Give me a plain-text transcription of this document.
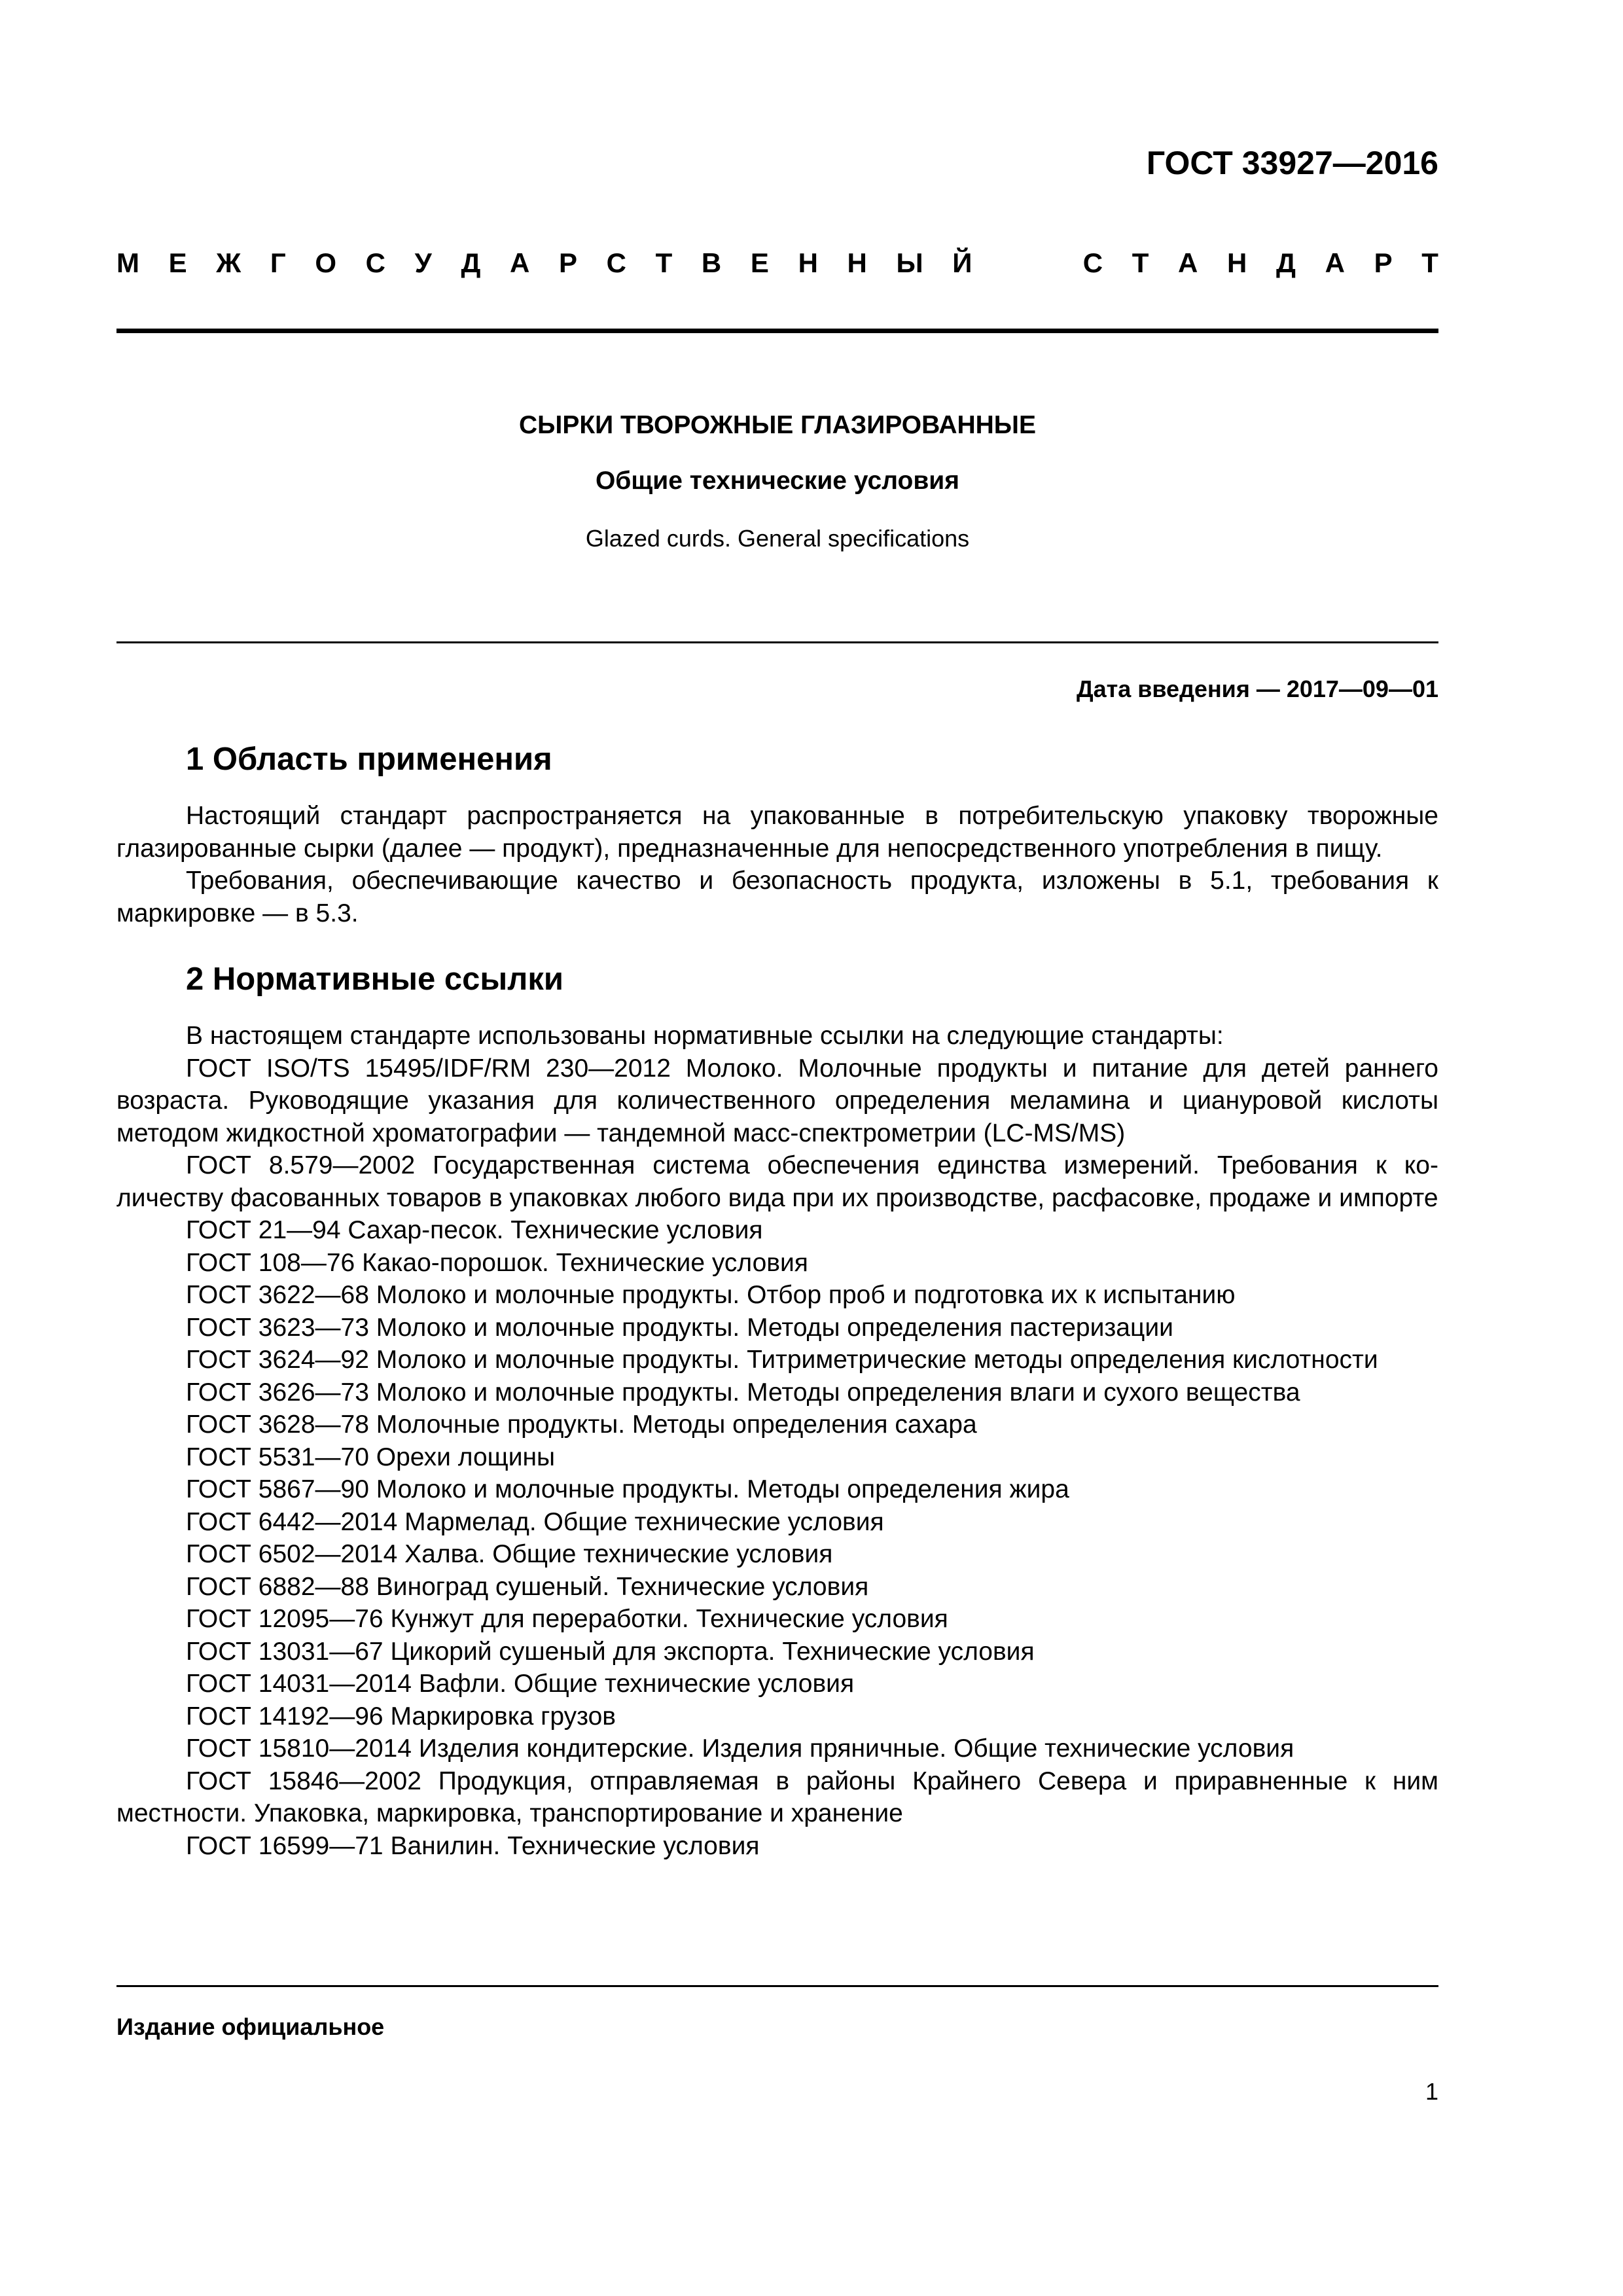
ГОСТ 33927—2016
М Е Ж Г О С У Д А Р С Т В Е Н Н Ы Й	С Т А Н Д А Р Т
СЫРКИ ТВОРОЖНЫЕ ГЛАЗИРОВАННЫЕ
Общие технические условия
Glazed curds. General specifications
Дата введения — 2017—09—01
1 Область применения

Настоящий стандарт распространяется на упакованные в потребительскую упаковку творожные глазированные сырки (далее — продукт), предназначенные для непосредственного употребления в пищу.

Требования, обеспечивающие качество и безопасность продукта, изложены в 5.1, требования к маркировке — в 5.3.

2 Нормативные ссылки

В настоящем стандарте использованы нормативные ссылки на следующие стандарты:

ГОСТ ISO/TS 15495/IDF/RM 230—2012 Молоко. Молочные продукты и питание для детей раннего возраста. Руководящие указания для количественного определения меламина и циануровой кислоты методом жидкостной хроматографии — тандемной масс-спектрометрии (LC-MS/MS)
ГОСТ 8.579—2002 Государственная система обеспечения единства измерений. Требования к количеству фасованных товаров в упаковках любого вида при их производстве, расфасовке, продаже и импорте
ГОСТ 21—94 Сахар-песок. Технические условия
ГОСТ 108—76 Какао-порошок. Технические условия
ГОСТ 3622—68 Молоко и молочные продукты. Отбор проб и подготовка их к испытанию
ГОСТ 3623—73 Молоко и молочные продукты. Методы определения пастеризации
ГОСТ 3624—92 Молоко и молочные продукты. Титриметрические методы определения кислотности
ГОСТ 3626—73 Молоко и молочные продукты. Методы определения влаги и сухого вещества
ГОСТ 3628—78 Молочные продукты. Методы определения сахара
ГОСТ 5531—70 Орехи лощины
ГОСТ 5867—90 Молоко и молочные продукты. Методы определения жира
ГОСТ 6442—2014 Мармелад. Общие технические условия
ГОСТ 6502—2014 Халва. Общие технические условия
ГОСТ 6882—88 Виноград сушеный. Технические условия
ГОСТ 12095—76 Кунжут для переработки. Технические условия
ГОСТ 13031—67 Цикорий сушеный для экспорта. Технические условия
ГОСТ 14031—2014 Вафли. Общие технические условия
ГОСТ 14192—96 Маркировка грузов
ГОСТ 15810—2014 Изделия кондитерские. Изделия пряничные. Общие технические условия
ГОСТ 15846—2002 Продукция, отправляемая в районы Крайнего Севера и приравненные к ним местности. Упаковка, маркировка, транспортирование и хранение
ГОСТ 16599—71 Ванилин. Технические условия
Издание официальное
1
